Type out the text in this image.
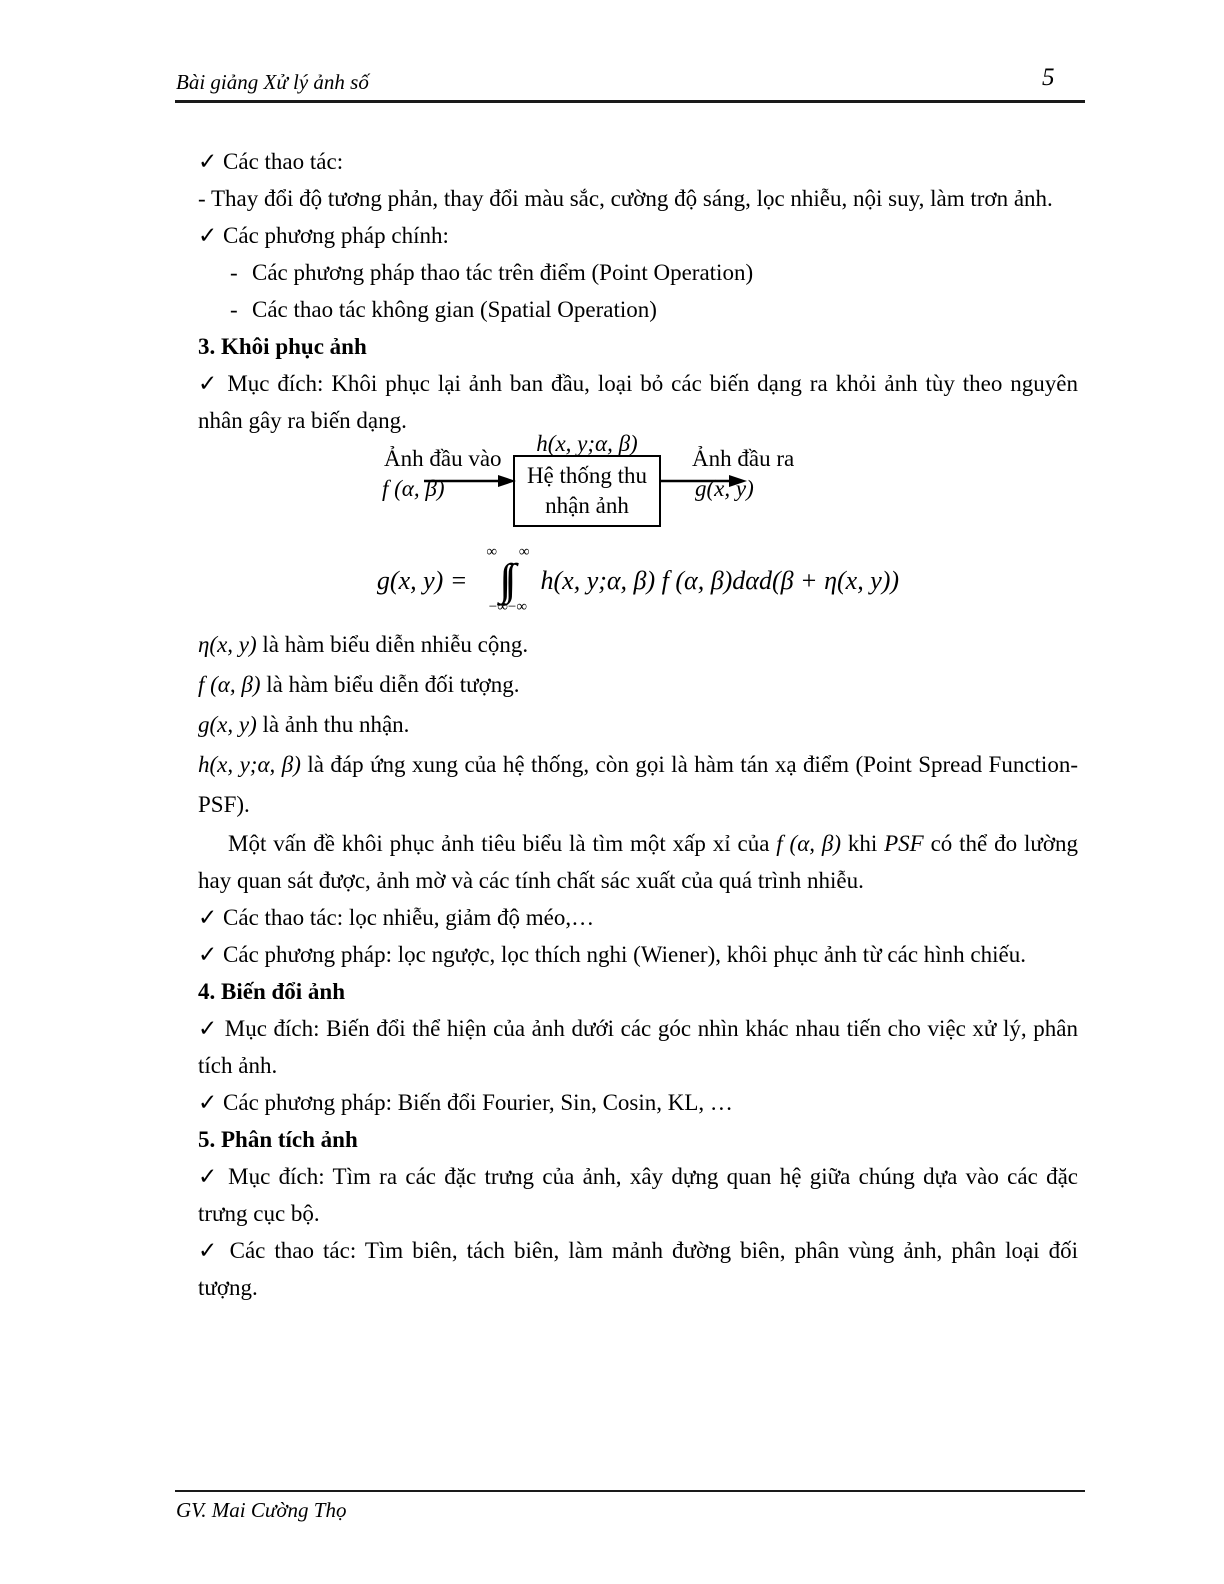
Bài giảng Xử lý ảnh số	5

✓ Các thao tác:

- Thay đổi độ tương phản, thay đổi màu sắc, cường độ sáng, lọc nhiễu, nội suy, làm trơn ảnh.

✓ Các phương pháp chính:

- Các phương pháp thao tác trên điểm (Point Operation)

- Các thao tác không gian (Spatial Operation)

3. Khôi phục ảnh

✓ Mục đích: Khôi phục lại ảnh ban đầu, loại bỏ các biến dạng ra khỏi ảnh tùy theo nguyên nhân gây ra biến dạng.

h(x, y;α, β)
Ảnh đầu vào
f (α, β)
Hệ thống thu
nhận ảnh
Ảnh đầu ra
g(x, y)
g(x, y) =
∞ ∞
∫∫
−∞−∞
h(x, y;α, β) f (α, β)dαd(β + η(x, y))

η(x, y) là hàm biểu diễn nhiễu cộng.

f (α, β) là hàm biểu diễn đối tượng.

g(x, y) là ảnh thu nhận.

h(x, y;α, β) là đáp ứng xung của hệ thống, còn gọi là hàm tán xạ điểm (Point Spread Function- PSF).

Một vấn đề khôi phục ảnh tiêu biểu là tìm một xấp xỉ của f (α, β) khi PSF có thể đo lường hay quan sát được, ảnh mờ và các tính chất sác xuất của quá trình nhiễu.

✓ Các thao tác: lọc nhiễu, giảm độ méo,…

✓ Các phương pháp: lọc ngược, lọc thích nghi (Wiener), khôi phục ảnh từ các hình chiếu.

4. Biến đổi ảnh

✓ Mục đích: Biến đổi thể hiện của ảnh dưới các góc nhìn khác nhau tiến cho việc xử lý, phân tích ảnh.

✓ Các phương pháp: Biến đổi Fourier, Sin, Cosin, KL, …

5. Phân tích ảnh

✓ Mục đích: Tìm ra các đặc trưng của ảnh, xây dựng quan hệ giữa chúng dựa vào các đặc trưng cục bộ.

✓ Các thao tác: Tìm biên, tách biên, làm mảnh đường biên, phân vùng ảnh, phân loại đối tượng.

GV. Mai Cường Thọ
